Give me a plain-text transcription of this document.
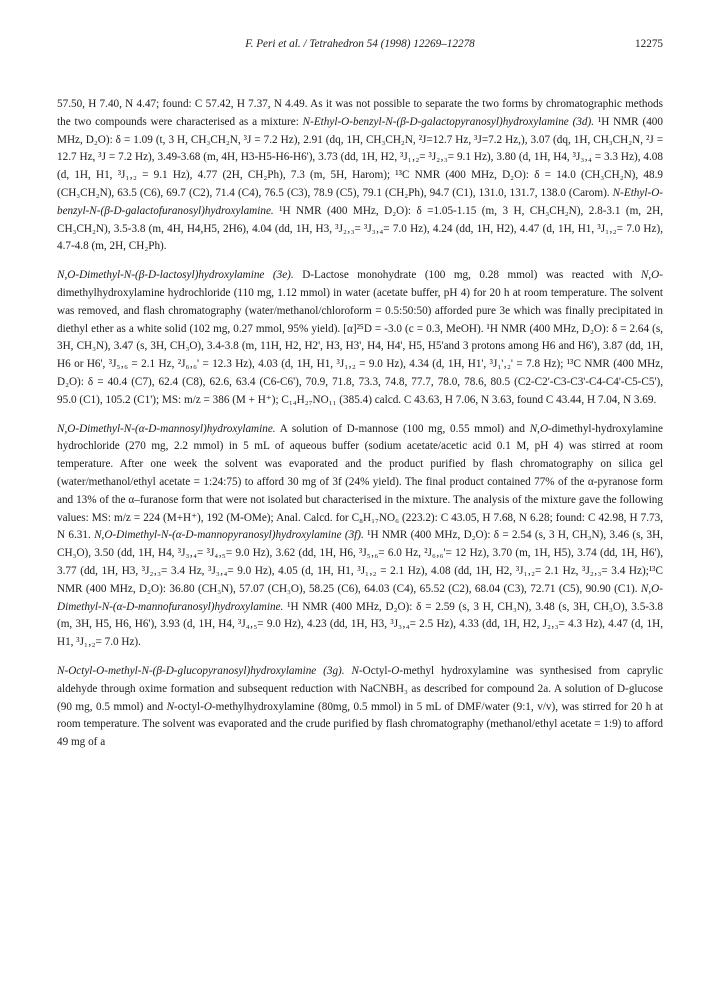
F. Peri et al. / Tetrahedron 54 (1998) 12269–12278	12275

57.50, H 7.40, N 4.47; found: C 57.42, H 7.37, N 4.49. As it was not possible to separate the two forms by chromatographic methods the two compounds were characterised as a mixture: N-Ethyl-O-benzyl-N-(β-D-galactopyranosyl)hydroxylamine (3d). ¹H NMR (400 MHz, D₂O): δ = 1.09 (t, 3 H, CH₃CH₂N, ³J = 7.2 Hz), 2.91 (dq, 1H, CH₃CH₂N, ²J=12.7 Hz, ³J=7.2 Hz,), 3.07 (dq, 1H, CH₃CH₂N, ²J = 12.7 Hz, ³J = 7.2 Hz), 3.49-3.68 (m, 4H, H3-H5-H6-H6'), 3.73 (dd, 1H, H2, ³J₁‚₂= ³J₂‚₃= 9.1 Hz), 3.80 (d, 1H, H4, ³J₃‚₄ = 3.3 Hz), 4.08 (d, 1H, H1, ³J₁‚₂ = 9.1 Hz), 4.77 (2H, CH₂Ph), 7.3 (m, 5H, Harom); ¹³C NMR (400 MHz, D₂O): δ = 14.0 (CH₃CH₂N), 48.9 (CH₃CH₂N), 63.5 (C6), 69.7 (C2), 71.4 (C4), 76.5 (C3), 78.9 (C5), 79.1 (CH₂Ph), 94.7 (C1), 131.0, 131.7, 138.0 (Carom). N-Ethyl-O-benzyl-N-(β-D-galactofuranosyl)hydroxylamine. ¹H NMR (400 MHz, D₂O): δ =1.05-1.15 (m, 3 H, CH₃CH₂N), 2.8-3.1 (m, 2H, CH₃CH₂N), 3.5-3.8 (m, 4H, H4,H5, 2H6), 4.04 (dd, 1H, H3, ³J₂‚₃= ³J₃‚₄= 7.0 Hz), 4.24 (dd, 1H, H2), 4.47 (d, 1H, H1, ³J₁‚₂= 7.0 Hz), 4.7-4.8 (m, 2H, CH₂Ph).

N,O-Dimethyl-N-(β-D-lactosyl)hydroxylamine (3e). D-Lactose monohydrate (100 mg, 0.28 mmol) was reacted with N,O-dimethylhydroxylamine hydrochloride (110 mg, 1.12 mmol) in water (acetate buffer, pH 4) for 20 h at room temperature. The solvent was removed, and flash chromatography (water/methanol/chloroform = 0.5:50:50) afforded pure 3e which was finally precipitated in diethyl ether as a white solid (102 mg, 0.27 mmol, 95% yield). [α]²⁵D = -3.0 (c = 0.3, MeOH). ¹H NMR (400 MHz, D₂O): δ = 2.64 (s, 3H, CH₃N), 3.47 (s, 3H, CH₃O), 3.4-3.8 (m, 11H, H2, H2', H3, H3', H4, H4', H5, H5'and 3 protons among H6 and H6'), 3.87 (dd, 1H, H6 or H6', ³J₅‚₆ = 2.1 Hz, ²J₆‚₆' = 12.3 Hz), 4.03 (d, 1H, H1, ³J₁‚₂ = 9.0 Hz), 4.34 (d, 1H, H1', ³J₁'‚₂' = 7.8 Hz); ¹³C NMR (400 MHz, D₂O): δ = 40.4 (C7), 62.4 (C8), 62.6, 63.4 (C6-C6'), 70.9, 71.8, 73.3, 74.8, 77.7, 78.0, 78.6, 80.5 (C2-C2'-C3-C3'-C4-C4'-C5-C5'), 95.0 (C1), 105.2 (C1'); MS: m/z = 386 (M + H⁺); C₁₄H₂₇NO₁₁ (385.4) calcd. C 43.63, H 7.06, N 3.63, found C 43.44, H 7.04, N 3.69.

N,O-Dimethyl-N-(α-D-mannosyl)hydroxylamine. A solution of D-mannose (100 mg, 0.55 mmol) and N,O-dimethyl-hydroxylamine hydrochloride (270 mg, 2.2 mmol) in 5 mL of aqueous buffer (sodium acetate/acetic acid 0.1 M, pH 4) was stirred at room temperature. After one week the solvent was evaporated and the product purified by flash chromatography on silica gel (water/methanol/ethyl acetate = 1:24:75) to afford 30 mg of 3f (24% yield). The final product contained 77% of the α-pyranose form and 13% of the α–furanose form that were not isolated but characterised in the mixture. The analysis of the mixture gave the following values: MS: m/z = 224 (M+H⁺), 192 (M-OMe); Anal. Calcd. for C₈H₁₇NO₆ (223.2): C 43.05, H 7.68, N 6.28; found: C 42.98, H 7.73, N 6.31. N,O-Dimethyl-N-(α-D-mannopyranosyl)hydroxylamine (3f). ¹H NMR (400 MHz, D₂O): δ = 2.54 (s, 3 H, CH₃N), 3.46 (s, 3H, CH₃O), 3.50 (dd, 1H, H4, ³J₃‚₄= ³J₄‚₅= 9.0 Hz), 3.62 (dd, 1H, H6, ³J₅‚₆= 6.0 Hz, ²J₆‚₆'= 12 Hz), 3.70 (m, 1H, H5), 3.74 (dd, 1H, H6'), 3.77 (dd, 1H, H3, ³J₂‚₃= 3.4 Hz, ³J₃‚₄= 9.0 Hz), 4.05 (d, 1H, H1, ³J₁‚₂ = 2.1 Hz), 4.08 (dd, 1H, H2, ³J₁‚₂= 2.1 Hz, ³J₂‚₃= 3.4 Hz);¹³C NMR (400 MHz, D₂O): 36.80 (CH₃N), 57.07 (CH₃O), 58.25 (C6), 64.03 (C4), 65.52 (C2), 68.04 (C3), 72.71 (C5), 90.90 (C1). N,O-Dimethyl-N-(α-D-mannofuranosyl)hydroxylamine. ¹H NMR (400 MHz, D₂O): δ = 2.59 (s, 3 H, CH₃N), 3.48 (s, 3H, CH₃O), 3.5-3.8 (m, 3H, H5, H6, H6'), 3.93 (d, 1H, H4, ³J₄‚₅= 9.0 Hz), 4.23 (dd, 1H, H3, ³J₃‚₄= 2.5 Hz), 4.33 (dd, 1H, H2, J₂‚₃= 4.3 Hz), 4.47 (d, 1H, H1, ³J₁‚₂= 7.0 Hz).

N-Octyl-O-methyl-N-(β-D-glucopyranosyl)hydroxylamine (3g). N-Octyl-O-methyl hydroxylamine was synthesised from caprylic aldehyde through oxime formation and subsequent reduction with NaCNBH₃ as described for compound 2a. A solution of D-glucose (90 mg, 0.5 mmol) and N-octyl-O-methylhydroxylamine (80mg, 0.5 mmol) in 5 mL of DMF/water (9:1, v/v), was stirred for 20 h at room temperature. The solvent was evaporated and the crude purified by flash chromatography (methanol/ethyl acetate = 1:9) to afford 49 mg of a
